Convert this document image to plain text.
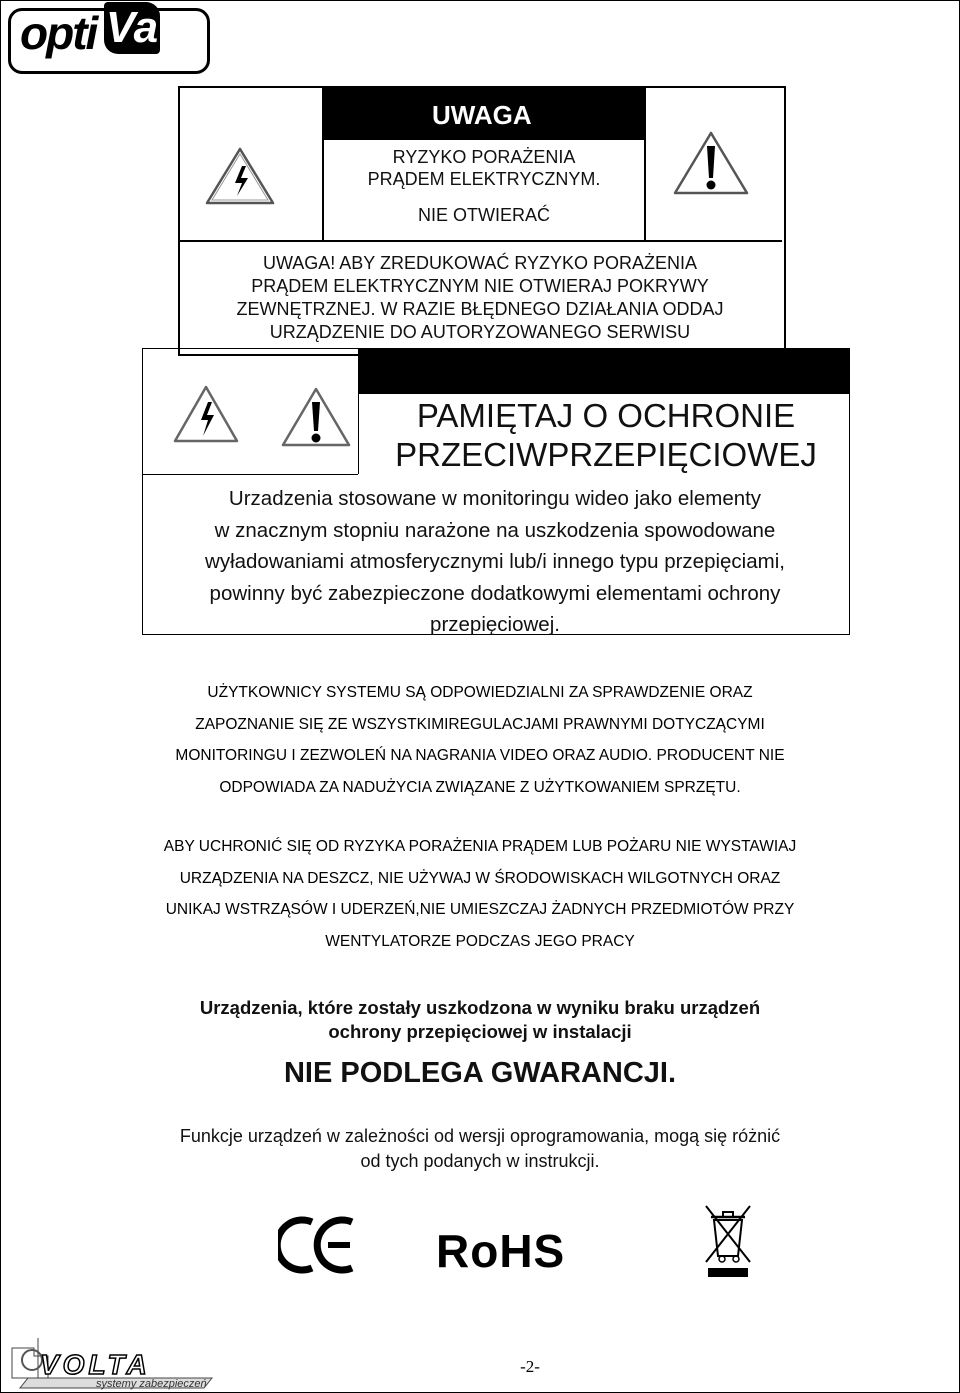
opti Va
UWAGA
RYZYKO PORAŻENIA
PRĄDEM ELEKTRYCZNYM.
NIE OTWIERAĆ
UWAGA! ABY ZREDUKOWAĆ RYZYKO PORAŻENIA
PRĄDEM ELEKTRYCZNYM NIE OTWIERAJ POKRYWY
ZEWNĘTRZNEJ. W RAZIE BŁĘDNEGO DZIAŁANIA ODDAJ
URZĄDZENIE DO AUTORYZOWANEGO SERWISU
PAMIĘTAJ O OCHRONIE
PRZECIWPRZEPIĘCIOWEJ
Urzadzenia stosowane w monitoringu wideo jako elementy
w znacznym stopniu narażone na uszkodzenia spowodowane
wyładowaniami atmosferycznymi lub/i innego typu przepięciami,
powinny być zabezpieczone dodatkowymi elementami ochrony
przepięciowej.
UŻYTKOWNICY SYSTEMU SĄ ODPOWIEDZIALNI ZA SPRAWDZENIE ORAZ
ZAPOZNANIE SIĘ ZE WSZYSTKIMIREGULACJAMI PRAWNYMI DOTYCZĄCYMI
MONITORINGU I ZEZWOLEŃ NA NAGRANIA VIDEO ORAZ AUDIO. PRODUCENT NIE
ODPOWIADA ZA NADUŻYCIA ZWIĄZANE Z UŻYTKOWANIEM SPRZĘTU.
ABY UCHRONIĆ SIĘ OD RYZYKA PORAŻENIA PRĄDEM LUB POŻARU NIE WYSTAWIAJ
URZĄDZENIA NA DESZCZ, NIE UŻYWAJ W ŚRODOWISKACH WILGOTNYCH ORAZ
UNIKAJ WSTRZĄSÓW I UDERZEŃ,NIE UMIESZCZAJ ŻADNYCH PRZEDMIOTÓW PRZY
WENTYLATORZE PODCZAS JEGO PRACY
Urządzenia, które zostały uszkodzona w wyniku braku urządzeń
ochrony przepięciowej w instalacji
NIE PODLEGA GWARANCJI.
Funkcje urządzeń w zależności od wersji oprogramowania, mogą się różnić
od tych podanych w instrukcji.
RoHS
VOLTA
systemy zabezpieczeń
-2-
